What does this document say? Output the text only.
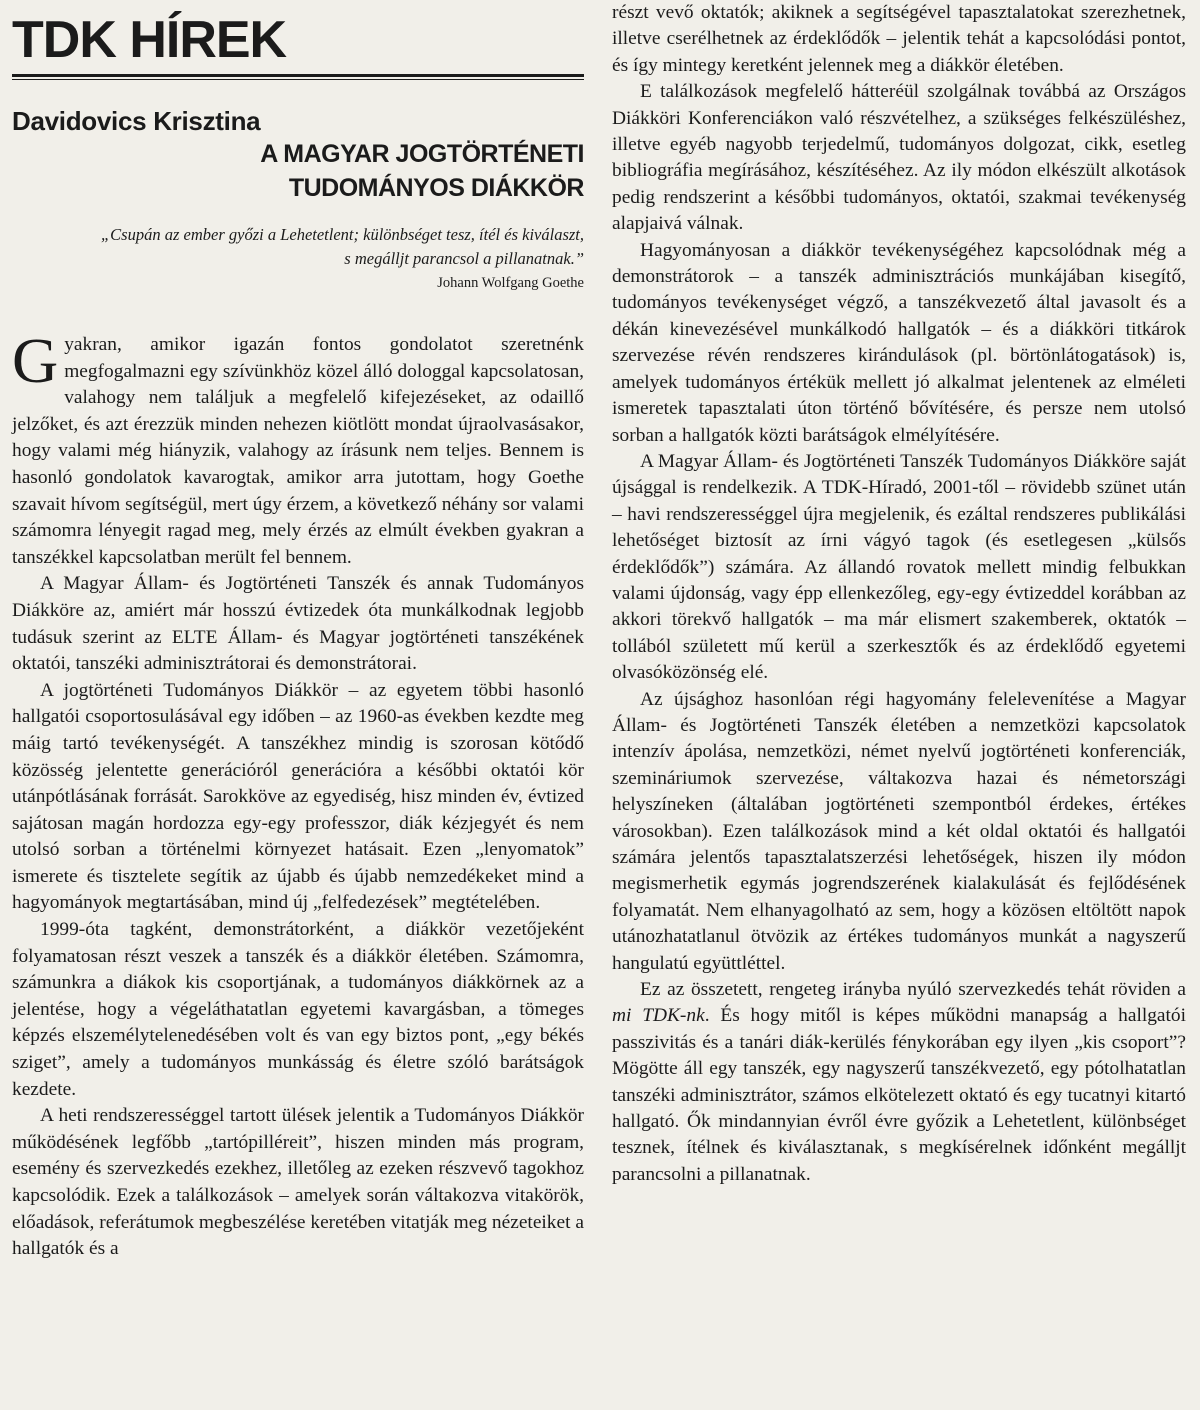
TDK HÍREK
Davidovics Krisztina
A MAGYAR JOGTÖRTÉNETI
TUDOMÁNYOS DIÁKKÖR
„Csupán az ember győzi a Lehetetlent; különbséget tesz, ítél és kiválaszt,
s megálljt parancsol a pillanatnak.”
Johann Wolfgang Goethe

Gyakran, amikor igazán fontos gondolatot szeretnénk megfogalmazni egy szívünkhöz közel álló dologgal kapcsolatosan, valahogy nem találjuk a megfelelő kifejezéseket, az odaillő jelzőket, és azt érezzük minden nehezen kiötlött mondat újraolvasásakor, hogy valami még hiányzik, valahogy az írásunk nem teljes. Bennem is hasonló gondolatok kavarogtak, amikor arra jutottam, hogy Goethe szavait hívom segítségül, mert úgy érzem, a következő néhány sor valami számomra lényegit ragad meg, mely érzés az elmúlt években gyakran a tanszékkel kapcsolatban merült fel bennem.

A Magyar Állam- és Jogtörténeti Tanszék és annak Tudományos Diákköre az, amiért már hosszú évtizedek óta munkálkodnak legjobb tudásuk szerint az ELTE Állam- és Magyar jogtörténeti tanszékének oktatói, tanszéki adminisztrátorai és demonstrátorai.

A jogtörténeti Tudományos Diákkör – az egyetem többi hasonló hallgatói csoportosulásával egy időben – az 1960-as években kezdte meg máig tartó tevékenységét. A tanszékhez mindig is szorosan kötődő közösség jelentette generációról generációra a későbbi oktatói kör utánpótlásának forrását. Sarokköve az egyediség, hisz minden év, évtized sajátosan magán hordozza egy-egy professzor, diák kézjegyét és nem utolsó sorban a történelmi környezet hatásait. Ezen „lenyomatok” ismerete és tisztelete segítik az újabb és újabb nemzedékeket mind a hagyományok megtartásában, mind új „felfedezések” megtételében.

1999-óta tagként, demonstrátorként, a diákkör vezetőjeként folyamatosan részt veszek a tanszék és a diákkör életében. Számomra, számunkra a diákok kis csoportjának, a tudományos diákkörnek az a jelentése, hogy a végeláthatatlan egyetemi kavargásban, a tömeges képzés elszemélytelenedésében volt és van egy biztos pont, „egy békés sziget”, amely a tudományos munkásság és életre szóló barátságok kezdete.

A heti rendszerességgel tartott ülések jelentik a Tudományos Diákkör működésének legfőbb „tartópilléreit”, hiszen minden más program, esemény és szervezkedés ezekhez, illetőleg az ezeken részvevő tagokhoz kapcsolódik. Ezek a találkozások – amelyek során váltakozva vitakörök, előadások, referátumok megbeszélése keretében vitatják meg nézeteiket a hallgatók és a

részt vevő oktatók; akiknek a segítségével tapasztalatokat szerezhetnek, illetve cserélhetnek az érdeklődők – jelentik tehát a kapcsolódási pontot, és így mintegy keretként jelennek meg a diákkör életében.

E találkozások megfelelő hátteréül szolgálnak továbbá az Országos Diákköri Konferenciákon való részvételhez, a szükséges felkészüléshez, illetve egyéb nagyobb terjedelmű, tudományos dolgozat, cikk, esetleg bibliográfia megírásához, készítéséhez. Az ily módon elkészült alkotások pedig rendszerint a későbbi tudományos, oktatói, szakmai tevékenység alapjaivá válnak.

Hagyományosan a diákkör tevékenységéhez kapcsolódnak még a demonstrátorok – a tanszék adminisztrációs munkájában kisegítő, tudományos tevékenységet végző, a tanszékvezető által javasolt és a dékán kinevezésével munkálkodó hallgatók – és a diákköri titkárok szervezése révén rendszeres kirándulások (pl. börtönlátogatások) is, amelyek tudományos értékük mellett jó alkalmat jelentenek az elméleti ismeretek tapasztalati úton történő bővítésére, és persze nem utolsó sorban a hallgatók közti barátságok elmélyítésére.

A Magyar Állam- és Jogtörténeti Tanszék Tudományos Diákköre saját újsággal is rendelkezik. A TDK-Híradó, 2001-től – rövidebb szünet után – havi rendszerességgel újra megjelenik, és ezáltal rendszeres publikálási lehetőséget biztosít az írni vágyó tagok (és esetlegesen „külsős érdeklődők”) számára. Az állandó rovatok mellett mindig felbukkan valami újdonság, vagy épp ellenkezőleg, egy-egy évtizeddel korábban az akkori törekvő hallgatók – ma már elismert szakemberek, oktatók – tollából született mű kerül a szerkesztők és az érdeklődő egyetemi olvasóközönség elé.

Az újsághoz hasonlóan régi hagyomány felelevenítése a Magyar Állam- és Jogtörténeti Tanszék életében a nemzetközi kapcsolatok intenzív ápolása, nemzetközi, német nyelvű jogtörténeti konferenciák, szemináriumok szervezése, váltakozva hazai és németországi helyszíneken (általában jogtörténeti szempontból érdekes, értékes városokban). Ezen találkozások mind a két oldal oktatói és hallgatói számára jelentős tapasztalatszerzési lehetőségek, hiszen ily módon megismerhetik egymás jogrendszerének kialakulását és fejlődésének folyamatát. Nem elhanyagolható az sem, hogy a közösen eltöltött napok utánozhatatlanul ötvözik az értékes tudományos munkát a nagyszerű hangulatú együttléttel.

Ez az összetett, rengeteg irányba nyúló szervezkedés tehát röviden a mi TDK-nk. És hogy mitől is képes működni manapság a hallgatói passzivitás és a tanári diák-kerülés fénykorában egy ilyen „kis csoport”? Mögötte áll egy tanszék, egy nagyszerű tanszékvezető, egy pótolhatatlan tanszéki adminisztrátor, számos elkötelezett oktató és egy tucatnyi kitartó hallgató. Ők mindannyian évről évre győzik a Lehetetlent, különbséget tesznek, ítélnek és kiválasztanak, s megkísérelnek időnként megálljt parancsolni a pillanatnak.
